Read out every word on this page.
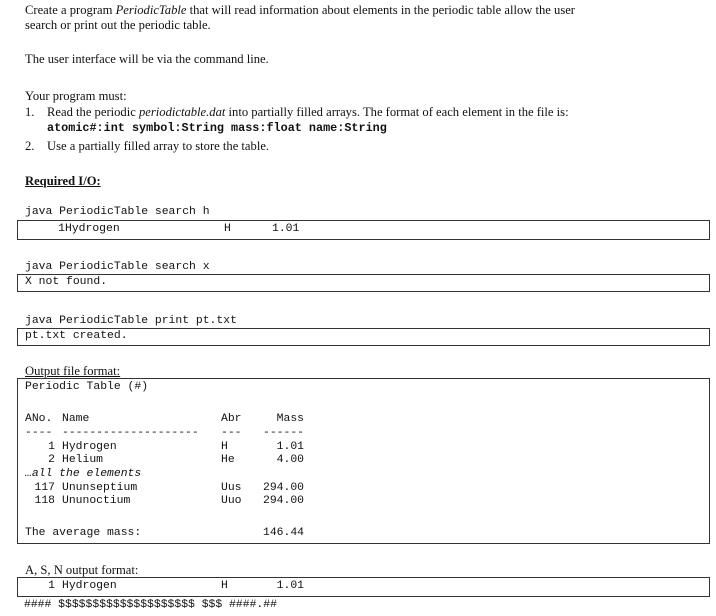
Create a program PeriodicTable that will read information about elements in the periodic table allow the user
search or print out the periodic table.
The user interface will be via the command line.
Your program must:
1. Read the periodic periodictable.dat into partially filled arrays. The format of each element in the file is:
atomic#:int symbol:String mass:float name:String
2. Use a partially filled array to store the table.
Required I/O:
java PeriodicTable search h
1 Hydrogen	H	1.01
java PeriodicTable search x
X not found.
java PeriodicTable print pt.txt
pt.txt created.
Output file format:
Periodic Table (#)
ANo. Name	Abr	Mass
---- -------------------- --- ------
1 Hydrogen	H	1.01
2 Helium	He	4.00
…all the elements
117 Ununseptium	Uus 294.00
118 Ununoctium	Uuo 294.00
The average mass:	146.44
A, S, N output format:
1 Hydrogen	H	1.01
#### $$$$$$$$$$$$$$$$$$$$ $$$ ####.##
